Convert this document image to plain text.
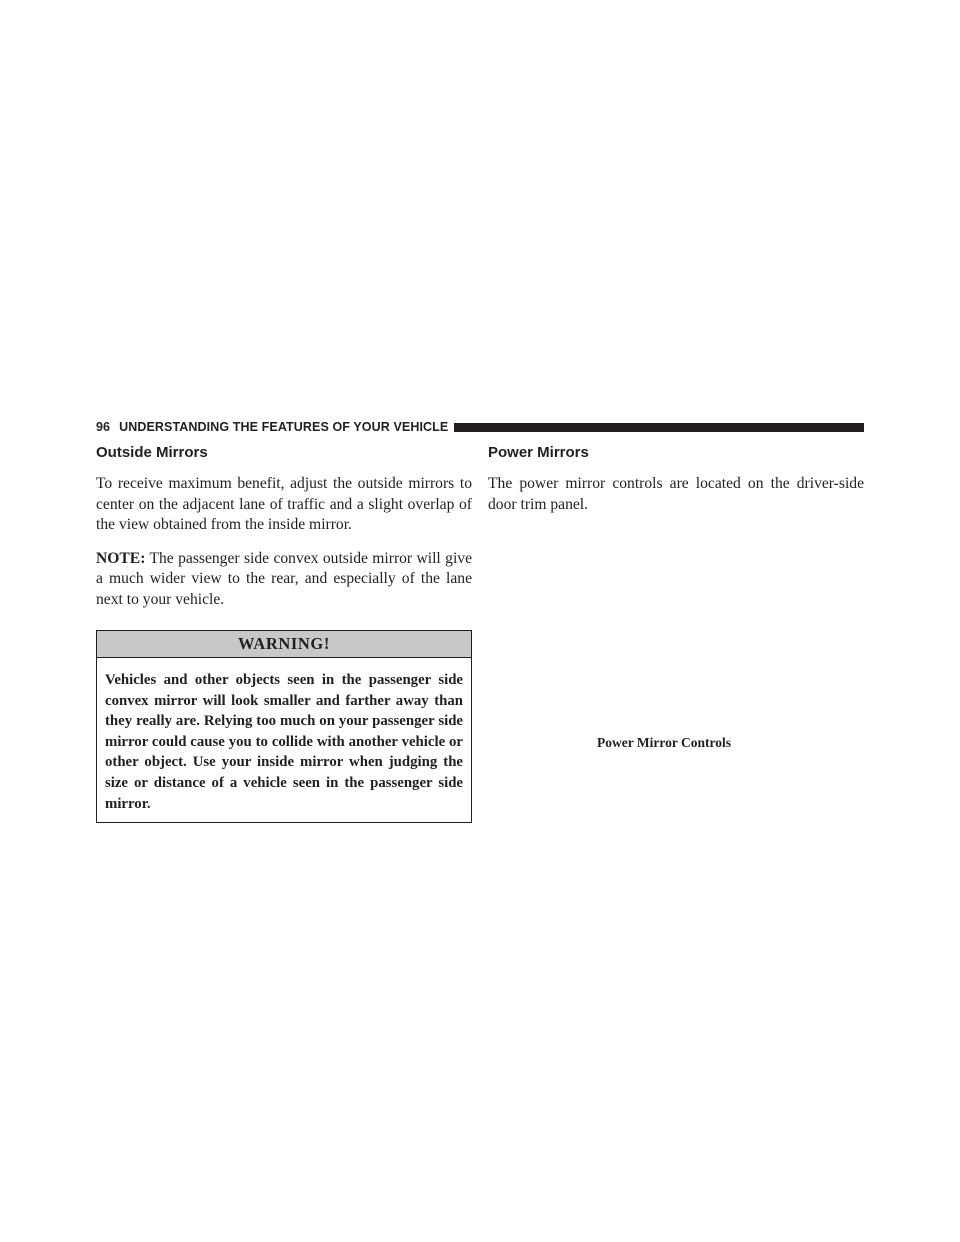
96 UNDERSTANDING THE FEATURES OF YOUR VEHICLE
Outside Mirrors

To receive maximum benefit, adjust the outside mirrors to center on the adjacent lane of traffic and a slight overlap of the view obtained from the inside mirror.

NOTE: The passenger side convex outside mirror will give a much wider view to the rear, and especially of the lane next to your vehicle.

WARNING!
Vehicles and other objects seen in the passenger side convex mirror will look smaller and farther away than they really are. Relying too much on your passenger side mirror could cause you to collide with another vehicle or other object. Use your inside mirror when judging the size or distance of a vehicle seen in the passenger side mirror.
Power Mirrors

The power mirror controls are located on the driver-side door trim panel.

Power Mirror Controls
